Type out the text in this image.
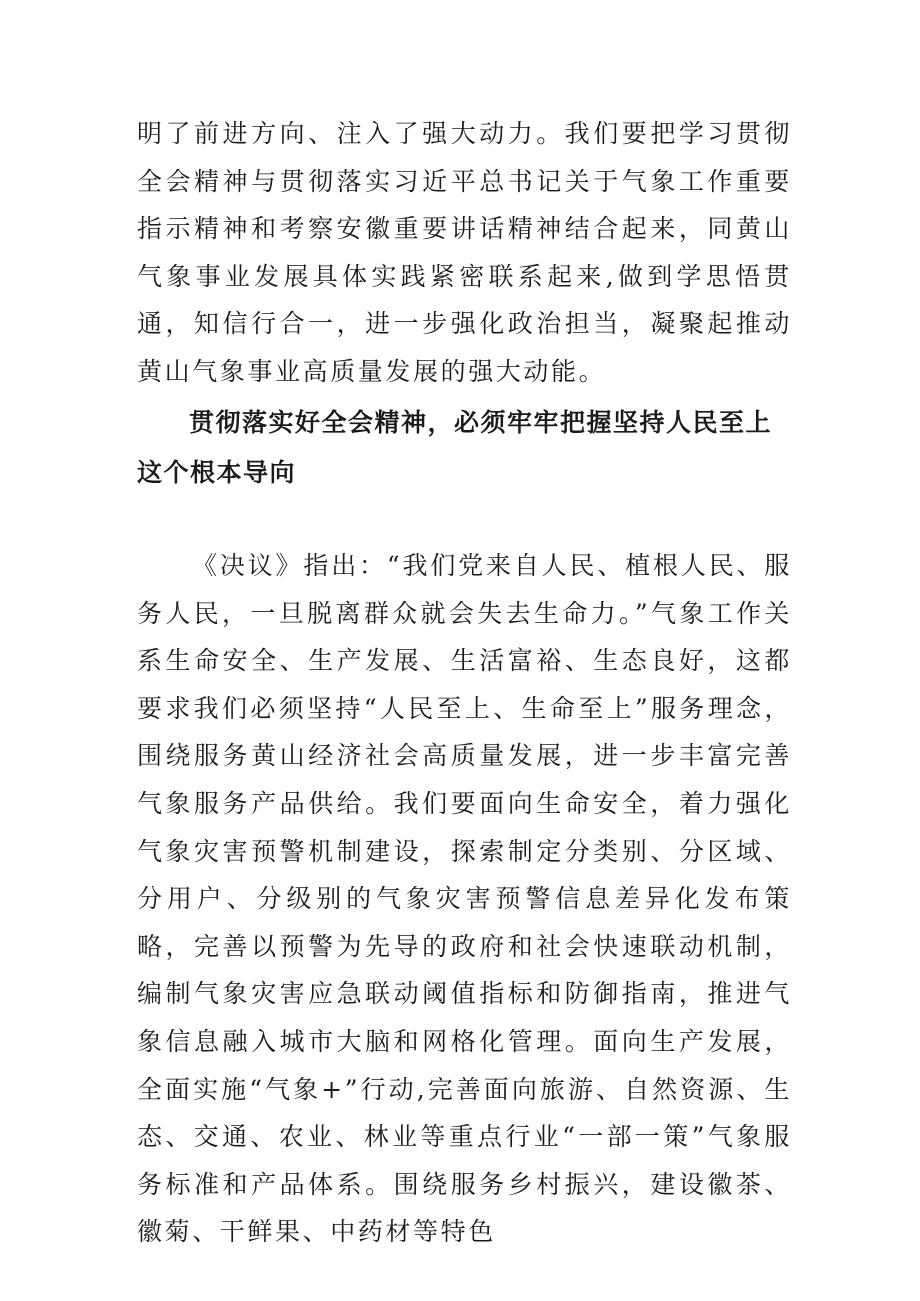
明了前进方向、注入了强大动力。我们要把学习贯彻全会精神与贯彻落实习近平总书记关于气象工作重要指示精神和考察安徽重要讲话精神结合起来，同黄山气象事业发展具体实践紧密联系起来,做到学思悟贯通，知信行合一，进一步强化政治担当，凝聚起推动黄山气象事业高质量发展的强大动能。

贯彻落实好全会精神，必须牢牢把握坚持人民至上这个根本导向

《决议》指出：“我们党来自人民、植根人民、服务人民，一旦脱离群众就会失去生命力。”气象工作关系生命安全、生产发展、生活富裕、生态良好，这都要求我们必须坚持“人民至上、生命至上”服务理念，围绕服务黄山经济社会高质量发展，进一步丰富完善气象服务产品供给。我们要面向生命安全，着力强化气象灾害预警机制建设，探索制定分类别、分区域、分用户、分级别的气象灾害预警信息差异化发布策略，完善以预警为先导的政府和社会快速联动机制，编制气象灾害应急联动阈值指标和防御指南，推进气象信息融入城市大脑和网格化管理。面向生产发展，全面实施“气象+”行动,完善面向旅游、自然资源、生态、交通、农业、林业等重点行业“一部一策”气象服务标准和产品体系。围绕服务乡村振兴，建设徽茶、徽菊、干鲜果、中药材等特色
